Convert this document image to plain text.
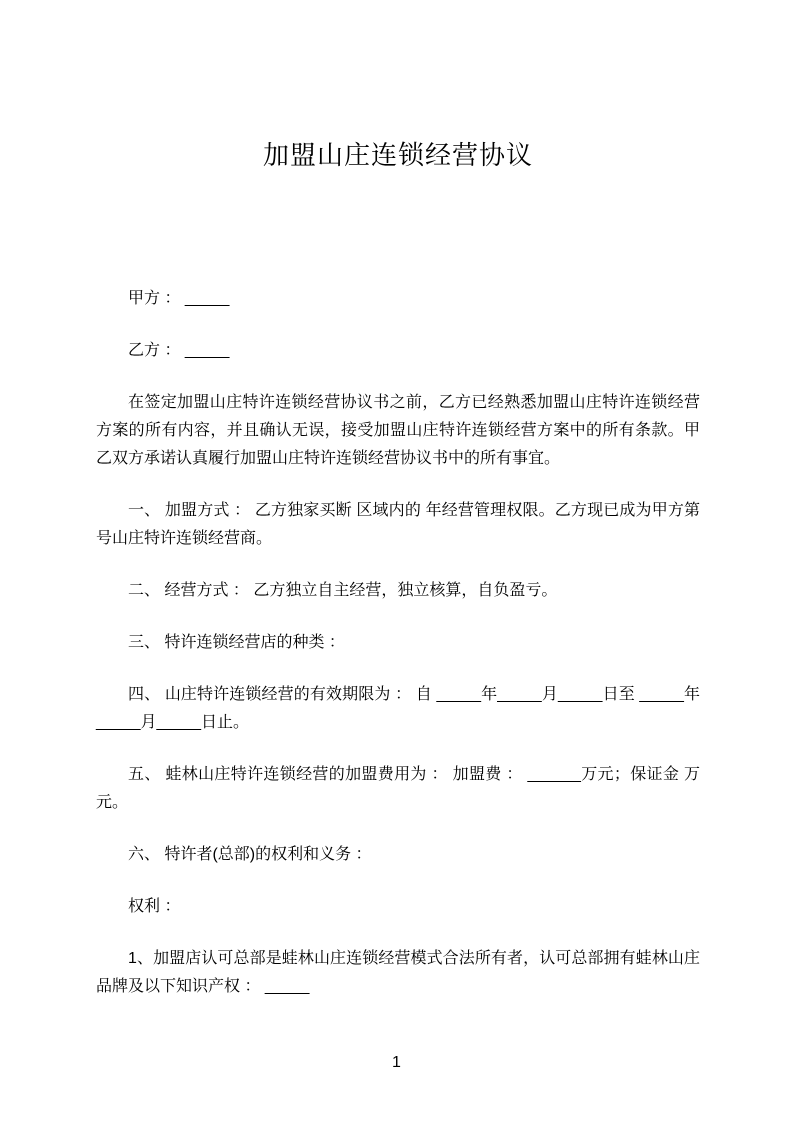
加盟山庄连锁经营协议

甲方 ： _____

乙方 ： _____

在签定加盟山庄特许连锁经营协议书之前，乙方已经熟悉加盟山庄特许连锁经营方案的所有内容，并且确认无误，接受加盟山庄特许连锁经营方案中的所有条款。甲乙双方承诺认真履行加盟山庄特许连锁经营协议书中的所有事宜。

一、 加盟方式 ： 乙方独家买断 区域内的 年经营管理权限。乙方现已成为甲方第 号山庄特许连锁经营商。

二、 经营方式 ： 乙方独立自主经营，独立核算，自负盈亏。

三、 特许连锁经营店的种类 ：

四、 山庄特许连锁经营的有效期限为 ： 自 _____年_____月_____日至 _____年_____月_____日止。

五、 蛙林山庄特许连锁经营的加盟费用为 ： 加盟费 ： ______万元；保证金 万元。

六、 特许者(总部)的权利和义务 ：

权利 ：

1、加盟店认可总部是蛙林山庄连锁经营模式合法所有者，认可总部拥有蛙林山庄品牌及以下知识产权 ： _____

1
